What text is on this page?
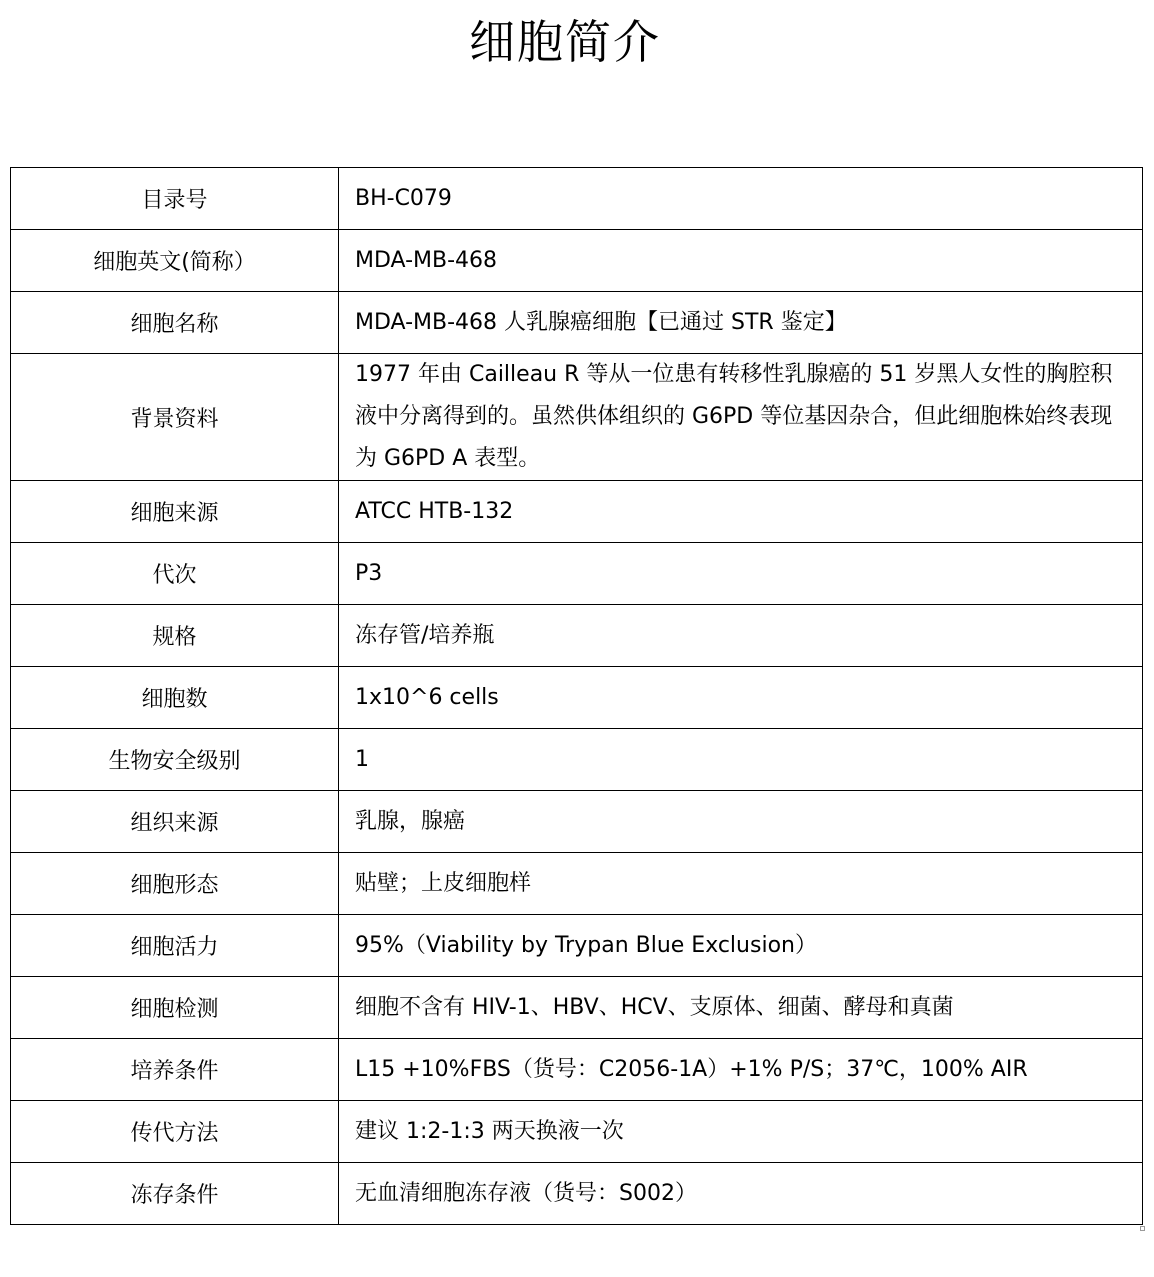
细胞简介
目录号	BH-C079
细胞英文(简称）	MDA-MB-468
细胞名称	MDA-MB-468 人乳腺癌细胞【已通过 STR 鉴定】
背景资料	1977 年由 Cailleau R 等从一位患有转移性乳腺癌的 51 岁黑人女性的胸腔积液中分离得到的。虽然供体组织的 G6PD 等位基因杂合，但此细胞株始终表现为 G6PD A 表型。
细胞来源	ATCC HTB-132
代次	P3
规格	冻存管/培养瓶
细胞数	1x10^6 cells
生物安全级别	1
组织来源	乳腺，腺癌
细胞形态	贴壁；上皮细胞样
细胞活力	95%（Viability by Trypan Blue Exclusion）
细胞检测	细胞不含有 HIV-1、HBV、HCV、支原体、细菌、酵母和真菌
培养条件	L15 +10%FBS（货号：C2056-1A）+1% P/S；37℃，100% AIR
传代方法	建议 1:2-1:3 两天换液一次
冻存条件	无血清细胞冻存液（货号：S002）
